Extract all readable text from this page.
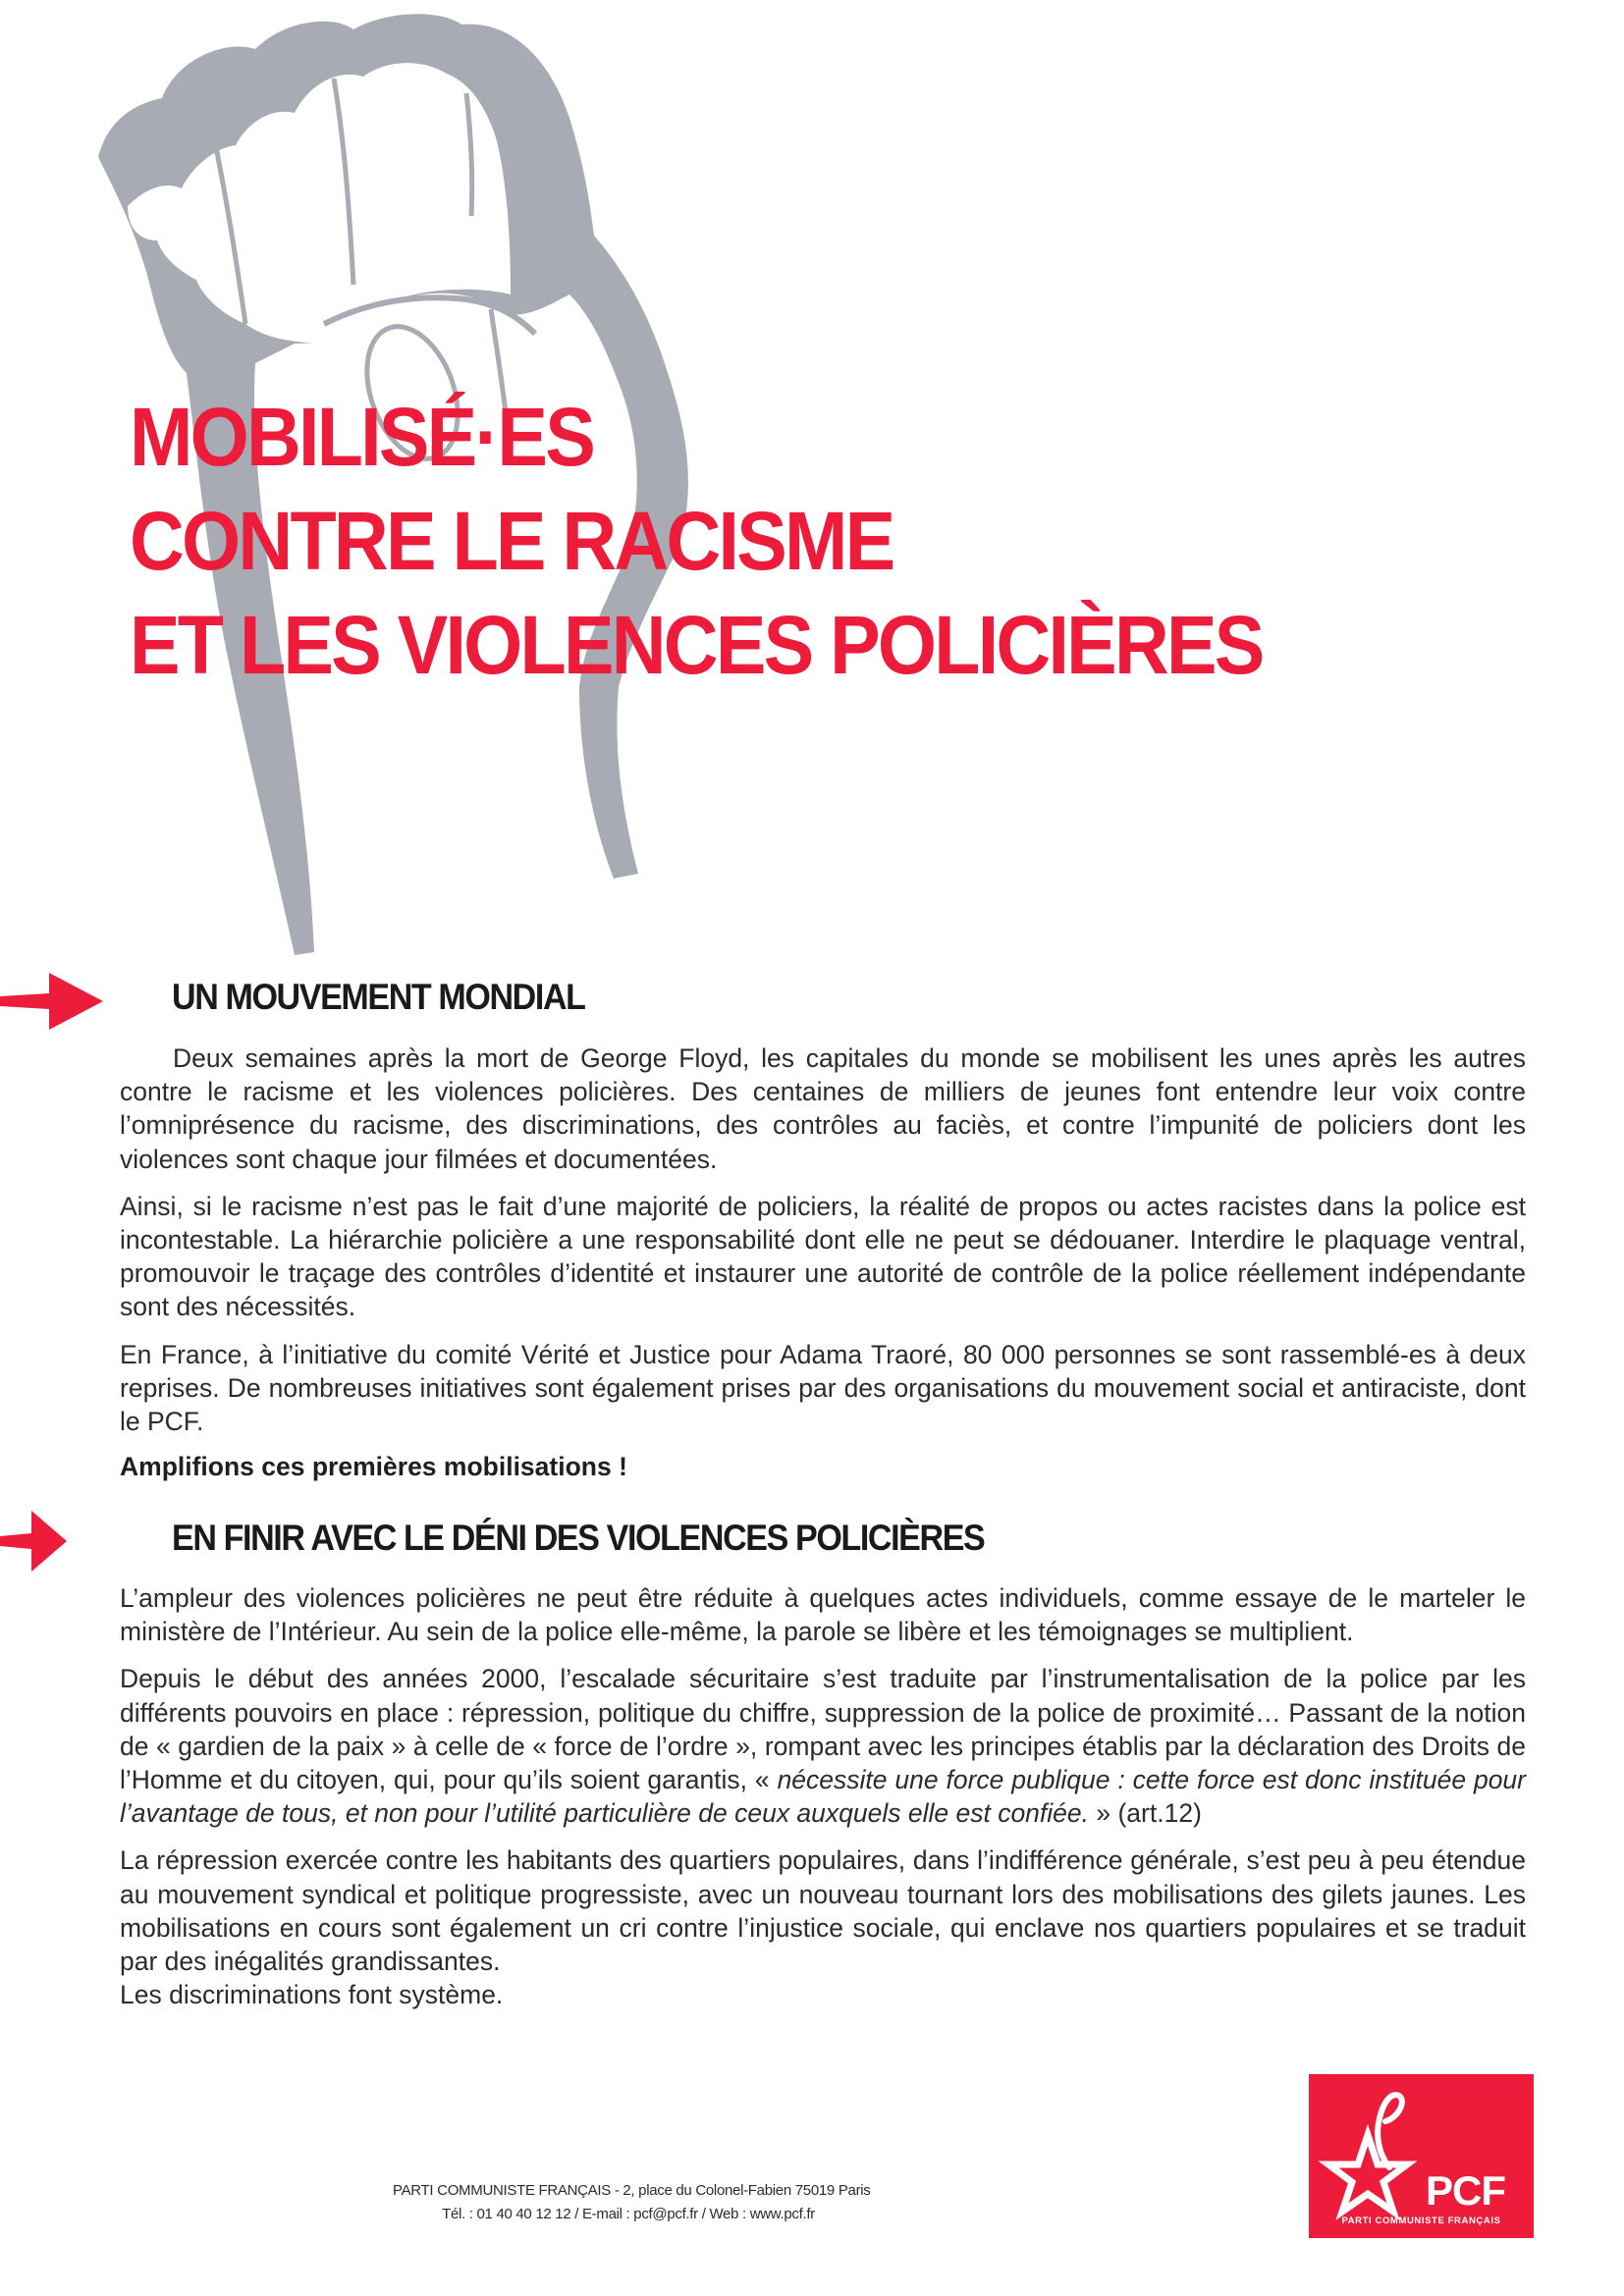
MOBILISÉ·ES
CONTRE LE RACISME
ET LES VIOLENCES POLICIÈRES
UN MOUVEMENT MONDIAL

Deux semaines après la mort de George Floyd, les capitales du monde se mobilisent les unes après les autres contre le racisme et les violences policières. Des centaines de milliers de jeunes font entendre leur voix contre l’omniprésence du racisme, des discriminations, des contrôles au faciès, et contre l’impunité de policiers dont les violences sont chaque jour filmées et documentées.

Ainsi, si le racisme n’est pas le fait d’une majorité de policiers, la réalité de propos ou actes racistes dans la police est incontestable. La hiérarchie policière a une responsabilité dont elle ne peut se dédouaner. Interdire le plaquage ventral, promouvoir le traçage des contrôles d’identité et instaurer une autorité de contrôle de la police réellement indépendante sont des nécessités.

En France, à l’initiative du comité Vérité et Justice pour Adama Traoré, 80 000 personnes se sont rassemblé-es à deux reprises. De nombreuses initiatives sont également prises par des organisations du mouvement social et antiraciste, dont le PCF.

Amplifions ces premières mobilisations !

EN FINIR AVEC LE DÉNI DES VIOLENCES POLICIÈRES

L’ampleur des violences policières ne peut être réduite à quelques actes individuels, comme essaye de le marteler le ministère de l’Intérieur. Au sein de la police elle-même, la parole se libère et les témoignages se multiplient.

Depuis le début des années 2000, l’escalade sécuritaire s’est traduite par l’instrumentalisation de la police par les différents pouvoirs en place : répression, politique du chiffre, suppression de la police de proximité… Passant de la notion de « gardien de la paix » à celle de « force de l’ordre », rompant avec les principes établis par la déclaration des Droits de l’Homme et du citoyen, qui, pour qu’ils soient garantis, « nécessite une force publique : cette force est donc instituée pour l’avantage de tous, et non pour l’utilité particulière de ceux auxquels elle est confiée. » (art.12)

La répression exercée contre les habitants des quartiers populaires, dans l’indifférence générale, s’est peu à peu étendue au mouvement syndical et politique progressiste, avec un nouveau tournant lors des mobilisations des gilets jaunes. Les mobilisations en cours sont également un cri contre l’injustice sociale, qui enclave nos quartiers populaires et se traduit par des inégalités grandissantes.

Les discriminations font système.

PARTI COMMUNISTE FRANÇAIS - 2, place du Colonel-Fabien 75019 Paris
Tél. : 01 40 40 12 12 / E-mail : pcf@pcf.fr / Web : www.pcf.fr
PCF
PARTI COMMUNISTE FRANÇAIS
